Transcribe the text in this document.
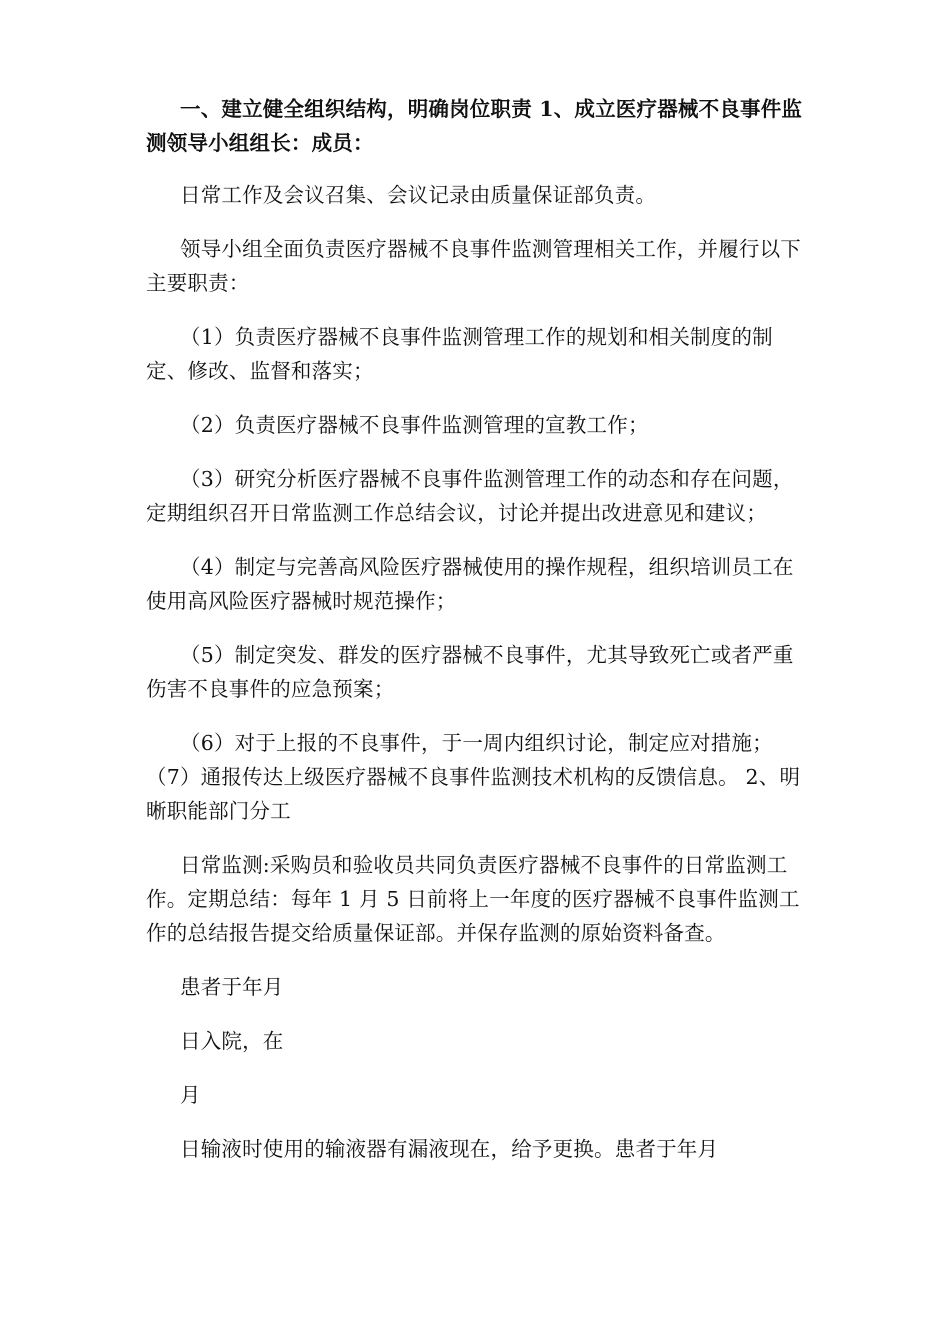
一、建立健全组织结构，明确岗位职责 1、成立医疗器械不良事件监测领导小组组长：成员：

日常工作及会议召集、会议记录由质量保证部负责。

领导小组全面负责医疗器械不良事件监测管理相关工作，并履行以下主要职责：

（1）负责医疗器械不良事件监测管理工作的规划和相关制度的制定、修改、监督和落实；

（2）负责医疗器械不良事件监测管理的宣教工作；

（3）研究分析医疗器械不良事件监测管理工作的动态和存在问题，定期组织召开日常监测工作总结会议，讨论并提出改进意见和建议；

（4）制定与完善高风险医疗器械使用的操作规程，组织培训员工在使用高风险医疗器械时规范操作；

（5）制定突发、群发的医疗器械不良事件，尤其导致死亡或者严重伤害不良事件的应急预案；

（6）对于上报的不良事件，于一周内组织讨论，制定应对措施；（7）通报传达上级医疗器械不良事件监测技术机构的反馈信息。 2、明晰职能部门分工

日常监测:采购员和验收员共同负责医疗器械不良事件的日常监测工作。定期总结：每年 1 月 5 日前将上一年度的医疗器械不良事件监测工作的总结报告提交给质量保证部。并保存监测的原始资料备查。

患者于年月

日入院，在

月

日输液时使用的输液器有漏液现在，给予更换。患者于年月
